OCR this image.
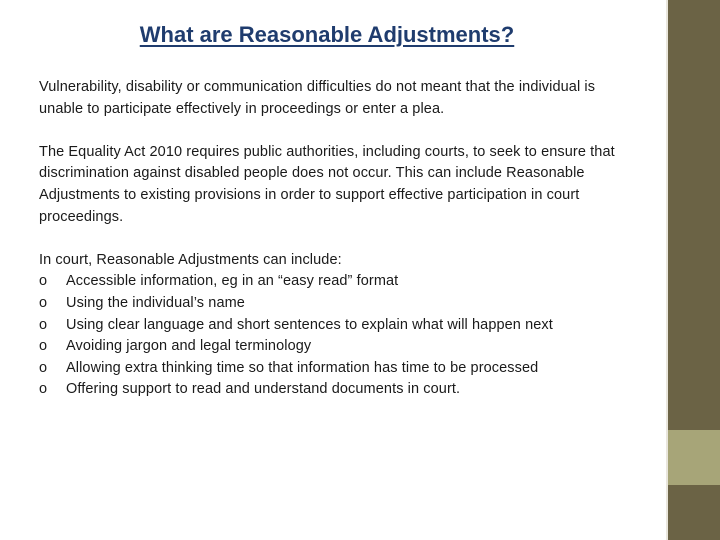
What are Reasonable Adjustments?

Vulnerability, disability or communication difficulties do not meant that the individual is unable to participate effectively in proceedings or enter a plea.

The Equality Act 2010 requires public authorities, including courts, to seek to ensure that discrimination against disabled people does not occur. This can include Reasonable Adjustments to existing provisions in order to support effective participation in court proceedings.

In court, Reasonable Adjustments can include:
o	Accessible information, eg in an “easy read” format
o	Using the individual’s name
o	Using clear language and short sentences to explain what will happen next
o	Avoiding jargon and legal terminology
o	Allowing extra thinking time so that information has time to be processed
o	Offering support to read and understand documents in court.
